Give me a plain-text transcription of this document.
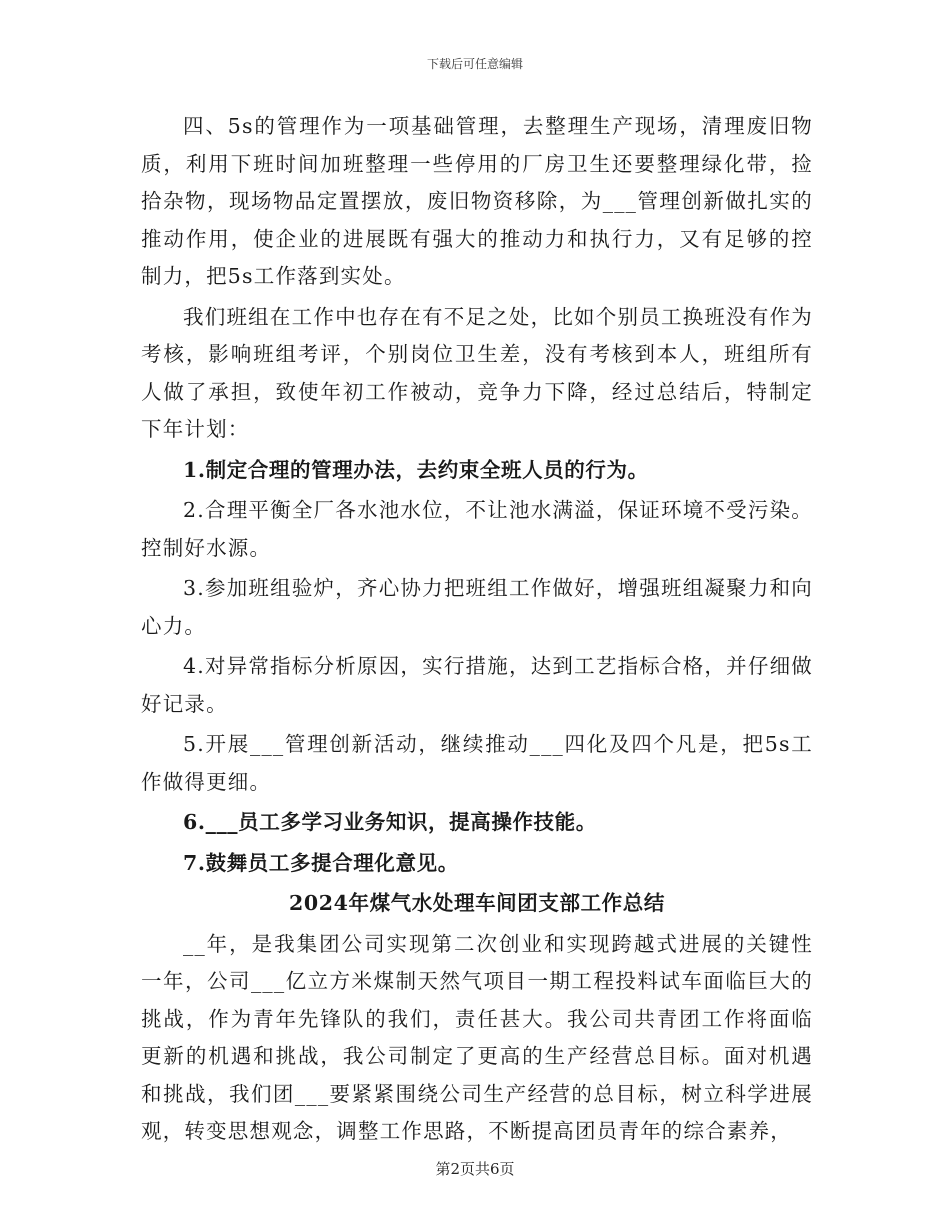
下载后可任意编辑

四、5s的管理作为一项基础管理，去整理生产现场，清理废旧物质，利用下班时间加班整理一些停用的厂房卫生还要整理绿化带，捡拾杂物，现场物品定置摆放，废旧物资移除，为___管理创新做扎实的推动作用，使企业的进展既有强大的推动力和执行力，又有足够的控制力，把5s工作落到实处。

我们班组在工作中也存在有不足之处，比如个别员工换班没有作为考核，影响班组考评，个别岗位卫生差，没有考核到本人，班组所有人做了承担，致使年初工作被动，竞争力下降，经过总结后，特制定下年计划：

1.制定合理的管理办法，去约束全班人员的行为。

2.合理平衡全厂各水池水位，不让池水满溢，保证环境不受污染。控制好水源。

3.参加班组验炉，齐心协力把班组工作做好，增强班组凝聚力和向心力。

4.对异常指标分析原因，实行措施，达到工艺指标合格，并仔细做好记录。

5.开展___管理创新活动，继续推动___四化及四个凡是，把5s工作做得更细。

6.___员工多学习业务知识，提高操作技能。

7.鼓舞员工多提合理化意见。

2024年煤气水处理车间团支部工作总结

__年，是我集团公司实现第二次创业和实现跨越式进展的关键性一年，公司___亿立方米煤制天然气项目一期工程投料试车面临巨大的挑战，作为青年先锋队的我们，责任甚大。我公司共青团工作将面临更新的机遇和挑战，我公司制定了更高的生产经营总目标。面对机遇和挑战，我们团___要紧紧围绕公司生产经营的总目标，树立科学进展观，转变思想观念，调整工作思路，不断提高团员青年的综合素养，

第2页共6页
